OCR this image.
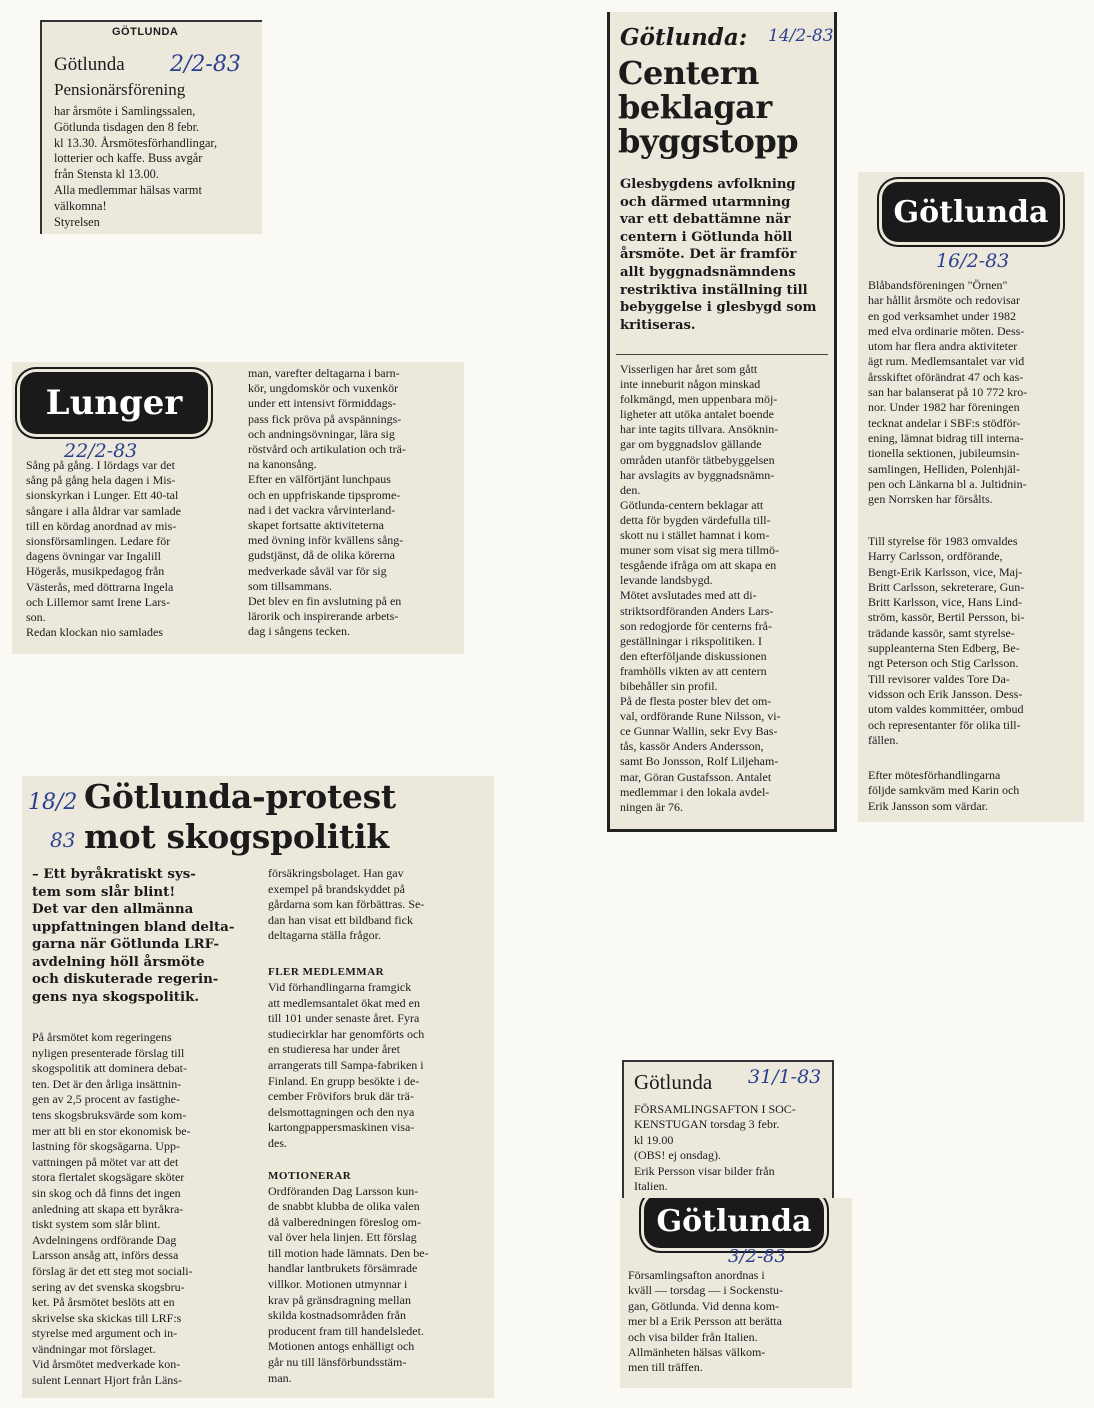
GÖTLUNDA
Götlunda 2/2-83
Pensionärsförening

har årsmöte i Samlingssalen,
Götlunda tisdagen den 8 febr.
kl 13.30. Årsmötesförhandlingar,
lotterier och kaffe. Buss avgår
från Stensta kl 13.00.
Alla medlemmar hälsas varmt
välkomna!
Styrelsen

Götlunda: 14/2-83
Centern
beklagar
byggstopp

Glesbygdens avfolkning
och därmed utarmning
var ett debattämne när
centern i Götlunda höll
årsmöte. Det är framför
allt byggnadsnämndens
restriktiva inställning till
bebyggelse i glesbygd som
kritiseras.

Visserligen har året som gått
inte inneburit någon minskad
folkmängd, men uppenbara möj-
ligheter att utöka antalet boende
har inte tagits tillvara. Ansöknin-
gar om byggnadslov gällande
områden utanför tätbebyggelsen
har avslagits av byggnadsnämn-
den.
Götlunda-centern beklagar att
detta för bygden värdefulla till-
skott nu i stället hamnat i kom-
muner som visat sig mera tillmö-
tesgående ifråga om att skapa en
levande landsbygd.
Mötet avslutades med att di-
striktsordföranden Anders Lars-
son redogjorde för centerns frå-
geställningar i rikspolitiken. I
den efterföljande diskussionen
framhölls vikten av att centern
bibehåller sin profil.
På de flesta poster blev det om-
val, ordförande Rune Nilsson, vi-
ce Gunnar Wallin, sekr Evy Bas-
tås, kassör Anders Andersson,
samt Bo Jonsson, Rolf Liljeham-
mar, Göran Gustafsson. Antalet
medlemmar i den lokala avdel-
ningen är 76.

Götlunda
16/2-83

Blåbandsföreningen "Örnen"
har hållit årsmöte och redovisar
en god verksamhet under 1982
med elva ordinarie möten. Dess-
utom har flera andra aktiviteter
ägt rum. Medlemsantalet var vid
årsskiftet oförändrat 47 och kas-
san har balanserat på 10 772 kro-
nor. Under 1982 har föreningen
tecknat andelar i SBF:s stödför-
ening, lämnat bidrag till interna-
tionella sektionen, jubileumsin-
samlingen, Helliden, Polenhjäl-
pen och Länkarna bl a. Jultidnin-
gen Norrsken har försålts.

Till styrelse för 1983 omvaldes
Harry Carlsson, ordförande,
Bengt-Erik Karlsson, vice, Maj-
Britt Carlsson, sekreterare, Gun-
Britt Karlsson, vice, Hans Lind-
ström, kassör, Bertil Persson, bi-
trädande kassör, samt styrelse-
suppleanterna Sten Edberg, Be-
ngt Peterson och Stig Carlsson.
Till revisorer valdes Tore Da-
vidsson och Erik Jansson. Dess-
utom valdes kommittéer, ombud
och representanter för olika till-
fällen.

Efter mötesförhandlingarna
följde samkväm med Karin och
Erik Jansson som värdar.

Lunger
22/2-83

Sång på gång. I lördags var det
sång på gång hela dagen i Mis-
sionskyrkan i Lunger. Ett 40-tal
sångare i alla åldrar var samlade
till en kördag anordnad av mis-
sionsförsamlingen. Ledare för
dagens övningar var Ingalill
Högerås, musikpedagog från
Västerås, med döttrarna Ingela
och Lillemor samt Irene Lars-
son.
Redan klockan nio samlades

man, varefter deltagarna i barn-
kör, ungdomskör och vuxenkör
under ett intensivt förmiddags-
pass fick pröva på avspännings-
och andningsövningar, lära sig
röstvård och artikulation och trä-
na kanonsång.
Efter en välförtjänt lunchpaus
och en uppfriskande tipsprome-
nad i det vackra vårvinterland-
skapet fortsatte aktiviteterna
med övning inför kvällens sång-
gudstjänst, då de olika körerna
medverkade såväl var för sig
som tillsammans.
Det blev en fin avslutning på en
lärorik och inspirerande arbets-
dag i sångens tecken.

18/2
83
Götlunda-protest
mot skogspolitik

– Ett byråkratiskt sys-
tem som slår blint!
Det var den allmänna
uppfattningen bland delta-
garna när Götlunda LRF-
avdelning höll årsmöte
och diskuterade regerin-
gens nya skogspolitik.

På årsmötet kom regeringens
nyligen presenterade förslag till
skogspolitik att dominera debat-
ten. Det är den årliga insättnin-
gen av 2,5 procent av fastighe-
tens skogsbruksvärde som kom-
mer att bli en stor ekonomisk be-
lastning för skogsägarna. Upp-
vattningen på mötet var att det
stora flertalet skogsägare sköter
sin skog och då finns det ingen
anledning att skapa ett byråkra-
tiskt system som slår blint.
Avdelningens ordförande Dag
Larsson ansåg att, införs dessa
förslag är det ett steg mot sociali-
sering av det svenska skogsbru-
ket. På årsmötet beslöts att en
skrivelse ska skickas till LRF:s
styrelse med argument och in-
vändningar mot förslaget.
Vid årsmötet medverkade kon-
sulent Lennart Hjort från Läns-

försäkringsbolaget. Han gav
exempel på brandskyddet på
gårdarna som kan förbättras. Se-
dan han visat ett bildband fick
deltagarna ställa frågor.

FLER MEDLEMMAR

Vid förhandlingarna framgick
att medlemsantalet ökat med en
till 101 under senaste året. Fyra
studiecirklar har genomförts och
en studieresa har under året
arrangerats till Sampa-fabriken i
Finland. En grupp besökte i de-
cember Frövifors bruk där trä-
delsmottagningen och den nya
kartongpappersmaskinen visa-
des.

MOTIONERAR

Ordföranden Dag Larsson kun-
de snabbt klubba de olika valen
då valberedningen föreslog om-
val över hela linjen. Ett förslag
till motion hade lämnats. Den be-
handlar lantbrukets försämrade
villkor. Motionen utmynnar i
krav på gränsdragning mellan
skilda kostnadsområden från
producent fram till handelsledet.
Motionen antogs enhälligt och
går nu till länsförbundsstäm-
man.

Götlunda 31/1-83

FÖRSAMLINGSAFTON I SOC-
KENSTUGAN torsdag 3 febr.
kl 19.00
(OBS! ej onsdag).
Erik Persson visar bilder från
Italien.

Götlunda
3/2-83

Församlingsafton anordnas i
kväll — torsdag — i Sockenstu-
gan, Götlunda. Vid denna kom-
mer bl a Erik Persson att berätta
och visa bilder från Italien.
Allmänheten hälsas välkom-
men till träffen.
